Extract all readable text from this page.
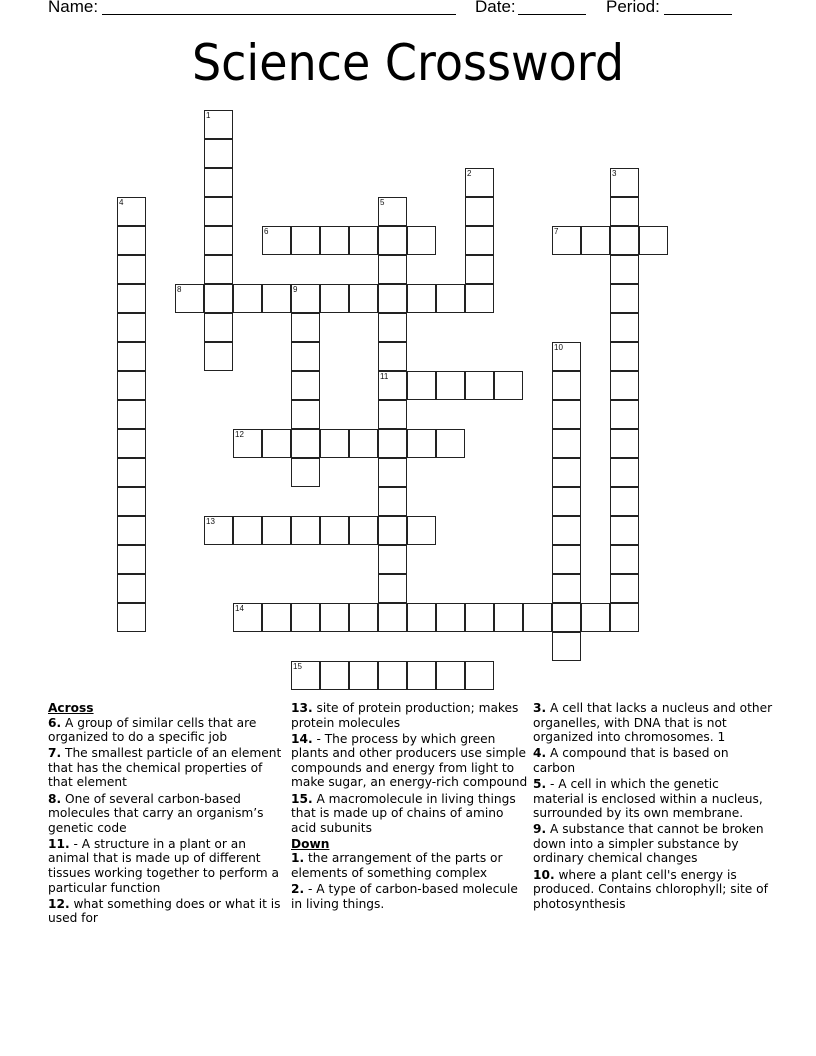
Name:	Date:	Period:
Science Crossword
1
2	3
4	5
11
6	7
8	9
10
12
13
14
15
Across
6. A group of similar cells that are organized to do a specific job
7. The smallest particle of an element that has the chemical properties of that element
8. One of several carbon-based molecules that carry an organism’s genetic code
11. - A structure in a plant or an animal that is made up of different tissues working together to perform a particular function
12. what something does or what it is used for
13. site of protein production; makes protein molecules
14. - The process by which green plants and other producers use simple compounds and energy from light to make sugar, an energy-rich compound
15. A macromolecule in living things that is made up of chains of amino acid subunits
Down
1. the arrangement of the parts or elements of something complex
2. - A type of carbon-based molecule in living things.
3. A cell that lacks a nucleus and other organelles, with DNA that is not organized into chromosomes. 1
4. A compound that is based on carbon
5. - A cell in which the genetic material is enclosed within a nucleus, surrounded by its own membrane.
9. A substance that cannot be broken down into a simpler substance by ordinary chemical changes
10. where a plant cell's energy is produced. Contains chlorophyll; site of photosynthesis
